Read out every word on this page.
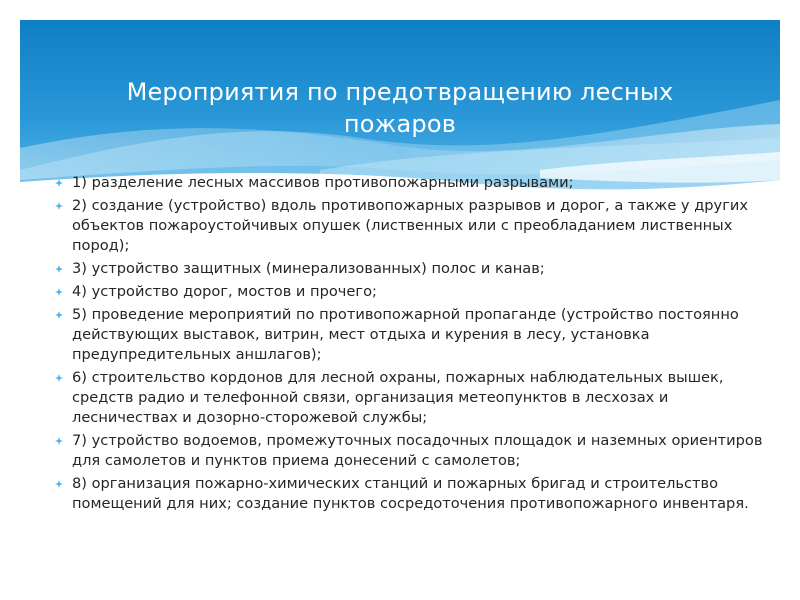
Мероприятия по предотвращению лесных
пожаров
1) разделение лесных массивов противопожарными разрывами;
2) создание (устройство) вдоль противопожарных разрывов и дорог, а также у других объектов пожароустойчивых опушек (лиственных или с преобладанием лиственных пород);
3) устройство защитных (минерализованных) полос и канав;
4) устройство дорог, мостов и прочего;
5) проведение мероприятий по противопожарной пропаганде (устройство постоянно действующих выставок, витрин, мест отдыха и курения в лесу, установка предупредительных аншлагов);
6) строительство кордонов для лесной охраны, пожарных наблюдательных вышек, средств радио и телефонной связи, организация метеопунктов в лесхозах и лесничествах и дозорно-сторожевой службы;
7) устройство водоемов, промежуточных посадочных площадок и наземных ориентиров для самолетов и пунктов приема донесений с самолетов;
8) организация пожарно-химических станций и пожарных бригад и строительство помещений для них; создание пунктов сосредоточения противопожарного инвентаря.
